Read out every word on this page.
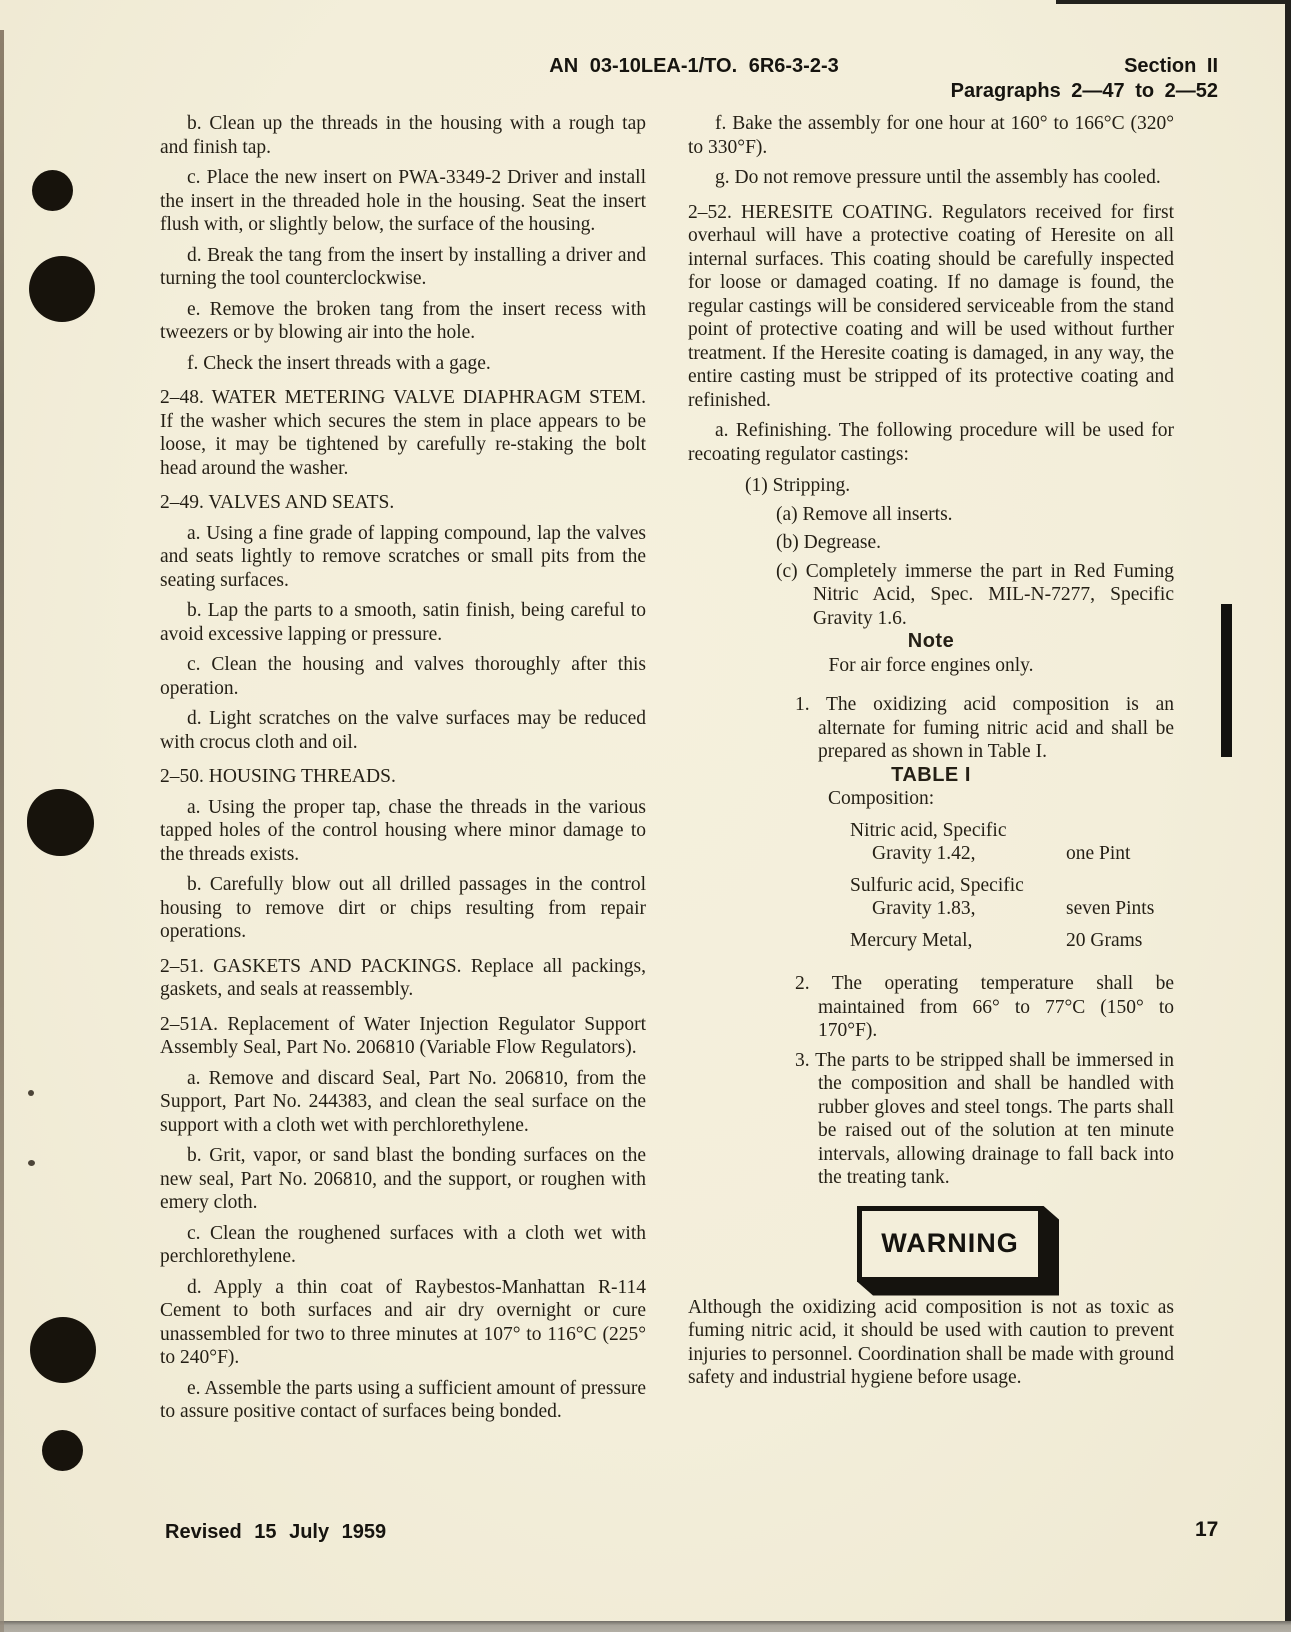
AN 03-10LEA-1/TO. 6R6-3-2-3	Section II
Paragraphs 2—47 to 2—52

b. Clean up the threads in the housing with a rough tap and finish tap.

c. Place the new insert on PWA-3349-2 Driver and install the insert in the threaded hole in the housing. Seat the insert flush with, or slightly below, the surface of the housing.

d. Break the tang from the insert by installing a driver and turning the tool counterclockwise.

e. Remove the broken tang from the insert recess with tweezers or by blowing air into the hole.

f. Check the insert threads with a gage.

2–48. WATER METERING VALVE DIAPHRAGM STEM. If the washer which secures the stem in place appears to be loose, it may be tightened by carefully re-staking the bolt head around the washer.

2–49. VALVES AND SEATS.

a. Using a fine grade of lapping compound, lap the valves and seats lightly to remove scratches or small pits from the seating surfaces.

b. Lap the parts to a smooth, satin finish, being careful to avoid excessive lapping or pressure.

c. Clean the housing and valves thoroughly after this operation.

d. Light scratches on the valve surfaces may be reduced with crocus cloth and oil.

2–50. HOUSING THREADS.

a. Using the proper tap, chase the threads in the various tapped holes of the control housing where minor damage to the threads exists.

b. Carefully blow out all drilled passages in the control housing to remove dirt or chips resulting from repair operations.

2–51. GASKETS AND PACKINGS. Replace all packings, gaskets, and seals at reassembly.

2–51A. Replacement of Water Injection Regulator Support Assembly Seal, Part No. 206810 (Variable Flow Regulators).

a. Remove and discard Seal, Part No. 206810, from the Support, Part No. 244383, and clean the seal surface on the support with a cloth wet with perchlorethylene.

b. Grit, vapor, or sand blast the bonding surfaces on the new seal, Part No. 206810, and the support, or roughen with emery cloth.

c. Clean the roughened surfaces with a cloth wet with perchlorethylene.

d. Apply a thin coat of Raybestos-Manhattan R-114 Cement to both surfaces and air dry overnight or cure unassembled for two to three minutes at 107° to 116°C (225° to 240°F).

e. Assemble the parts using a sufficient amount of pressure to assure positive contact of surfaces being bonded.

f. Bake the assembly for one hour at 160° to 166°C (320° to 330°F).

g. Do not remove pressure until the assembly has cooled.

2–52. HERESITE COATING. Regulators received for first overhaul will have a protective coating of Heresite on all internal surfaces. This coating should be carefully inspected for loose or damaged coating. If no damage is found, the regular castings will be considered serviceable from the stand point of protective coating and will be used without further treatment. If the Heresite coating is damaged, in any way, the entire casting must be stripped of its protective coating and refinished.

a. Refinishing. The following procedure will be used for recoating regulator castings:

(1) Stripping.

(a) Remove all inserts.

(b) Degrease.

(c) Completely immerse the part in Red Fuming Nitric Acid, Spec. MIL-N-7277, Specific Gravity 1.6.

Note

For air force engines only.

1. The oxidizing acid composition is an alternate for fuming nitric acid and shall be prepared as shown in Table I.

TABLE I

Composition:

Nitric acid, Specific
Gravity 1.42,	one Pint
Sulfuric acid, Specific
Gravity 1.83,	seven Pints
Mercury Metal,	20 Grams

2. The operating temperature shall be maintained from 66° to 77°C (150° to 170°F).

3. The parts to be stripped shall be immersed in the composition and shall be handled with rubber gloves and steel tongs. The parts shall be raised out of the solution at ten minute intervals, allowing drainage to fall back into the treating tank.

WARNING

Although the oxidizing acid composition is not as toxic as fuming nitric acid, it should be used with caution to prevent injuries to personnel. Coordination shall be made with ground safety and industrial hygiene before usage.

Revised 15 July 1959	17
